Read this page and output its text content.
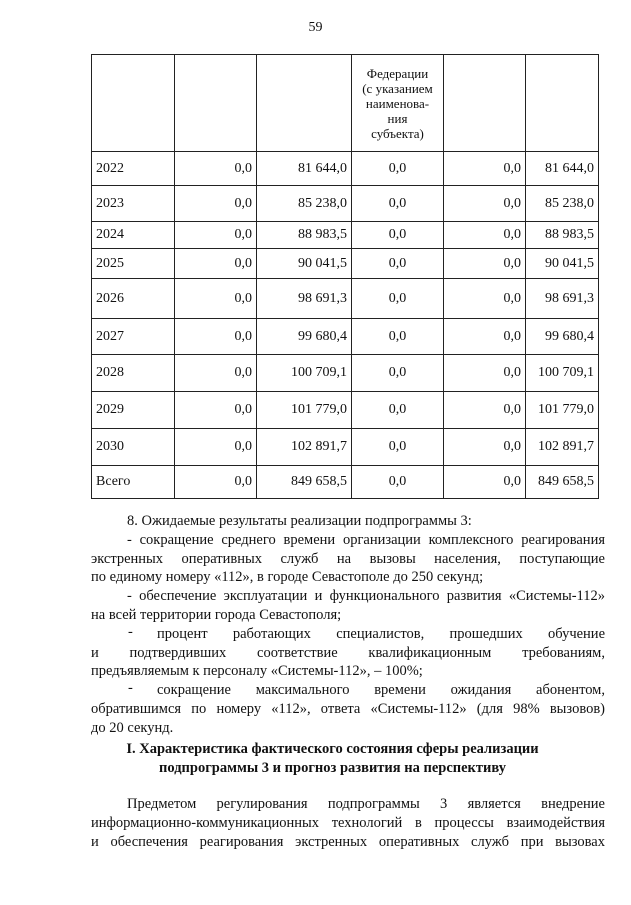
59

			Федерации
(с указанием
наименова-
ния
субъекта)		

2022	0,0	81 644,0	0,0	0,0	81 644,0
2023	0,0	85 238,0	0,0	0,0	85 238,0
2024	0,0	88 983,5	0,0	0,0	88 983,5
2025	0,0	90 041,5	0,0	0,0	90 041,5
2026	0,0	98 691,3	0,0	0,0	98 691,3
2027	0,0	99 680,4	0,0	0,0	99 680,4
2028	0,0	100 709,1	0,0	0,0	100 709,1
2029	0,0	101 779,0	0,0	0,0	101 779,0
2030	0,0	102 891,7	0,0	0,0	102 891,7
Всего	0,0	849 658,5	0,0	0,0	849 658,5

8. Ожидаемые результаты реализации подпрограммы 3:

- сокращение среднего времени организации комплексного реагирования

экстренных оперативных служб на вызовы населения, поступающие

по единому номеру «112», в городе Севастополе до 250 секунд;

- обеспечение эксплуатации и функционального развития «Системы-112»

на всей территории города Севастополя;

процент работающих специалистов, прошедших обучение

и подтвердивших соответствие квалификационным требованиям,

предъявляемым к персоналу «Системы-112», – 100%;

сокращение максимального времени ожидания абонентом,

обратившимся по номеру «112», ответа «Системы-112» (для 98% вызовов)

до 20 секунд.

-
-
I. Характеристика фактического состояния сферы реализации
подпрограммы 3 и прогноз развития на перспективу

Предметом регулирования подпрограммы 3 является внедрение

информационно-коммуникационных технологий в процессы взаимодействия

и обеспечения реагирования экстренных оперативных служб при вызовах
